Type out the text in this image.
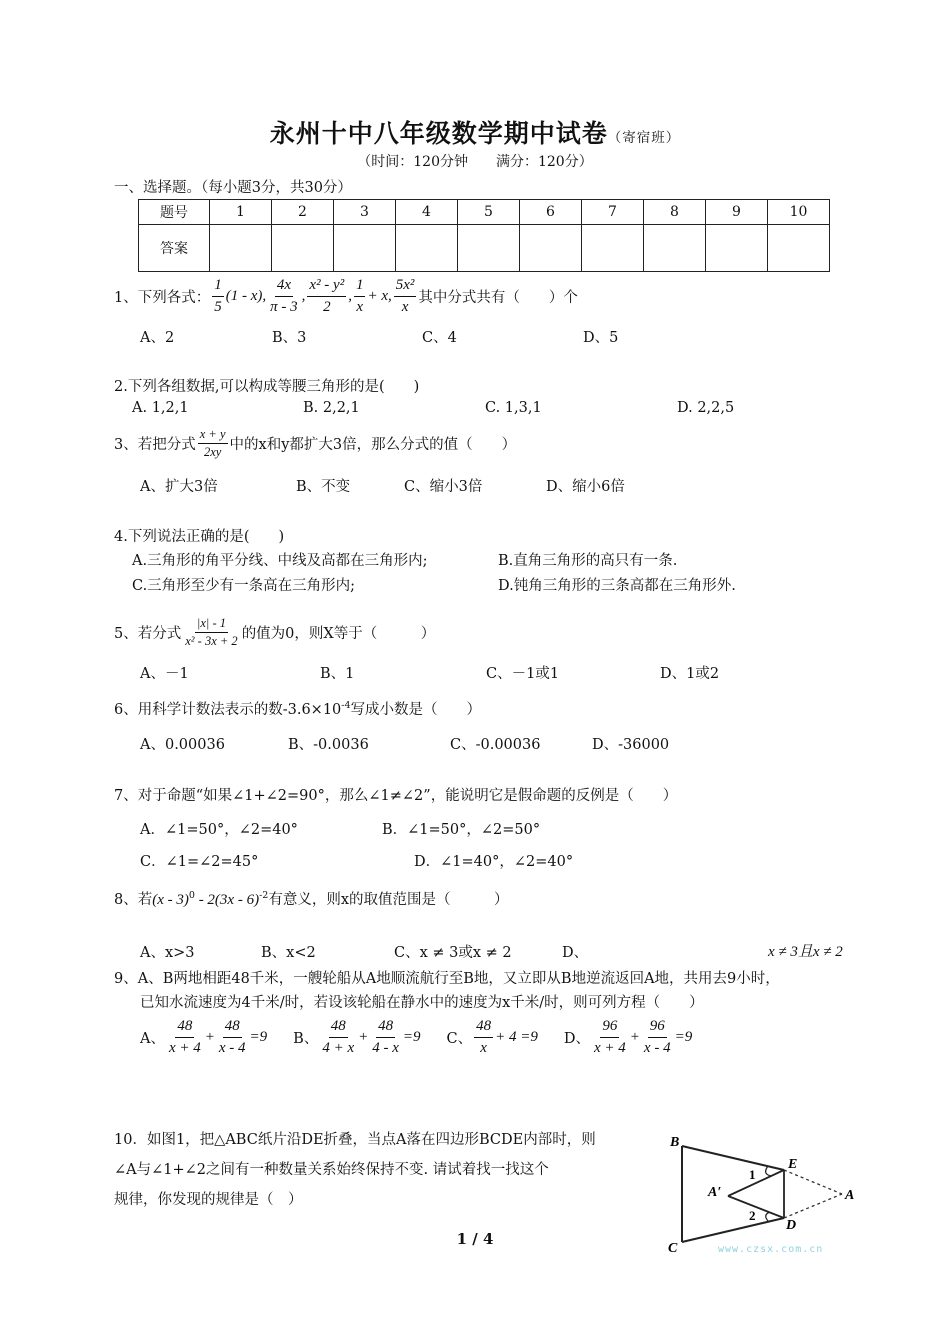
永州十中八年级数学期中试卷（寄宿班）
（时间：120分钟　　满分：120分）
一、选择题。（每小题3分，共30分）
题号	1	2	3	4	5	6	7	8	9	10
答案										
1、下列各式： $\frac{1}{5} (1 - x)$, $\frac{4x}{\pi - 3}$ , $\frac{\text{x² - y²}}{2}$ , $\frac{1}{x} + x$, $\frac{\text{5x²}}{x}$ 其中分式共有（　　）个
A、2	B、3	C、4	D、5
2.下列各组数据,可以构成等腰三角形的是(　　)
A. 1,2,1	B. 2,2,1	C. 1,3,1	D. 2,2,5
3、若把分式 $\frac{x + y}{2xy}$ 中的x和y都扩大3倍，那么分式的值（　　）
A、扩大3倍	B、不变	C、缩小3倍	D、缩小6倍
4.下列说法正确的是(　　)
A.三角形的角平分线、中线及高都在三角形内;	B.直角三角形的高只有一条.
C.三角形至少有一条高在三角形内;	D.钝角三角形的三条高都在三角形外.
5、若分式 $\frac{|x| - 1}{\text{x² - 3x + 2}}$ 的值为0，则X等于（　　　）
A、－1	B、1	C、－1或1	D、1或2
6、用科学计数法表示的数$-3.6\times 10^{-4}$写成小数是（　　）
A、0.00036	B、-0.0036	C、-0.00036	D、-36000
7、对于命题“如果∠1+∠2=90°，那么∠1≠∠2”，能说明它是假命题的反例是（　　）
A．∠1=50°，∠2=40°	B．∠1=50°，∠2=50°
C．∠1=∠2=45°	D．∠1=40°，∠2=40°
8、若(x - 3)$^0$ - 2(3x - 6)$^{-2}$有意义，则x的取值范围是（　　　）
A、x>3	B、x<2	C、x ≠ 3或x ≠ 2	D、	x ≠ 3且x ≠ 2
9、A、B两地相距48千米，一艘轮船从A地顺流航行至B地，又立即从B地逆流返回A地，共用去9小时，
已知水流速度为4千米/时，若设该轮船在静水中的速度为x千米/时，则可列方程（　　）
A、 $\frac{48}{x + 4} + \frac{48}{x - 4} =9$ B、 $\frac{48}{4 + x} + \frac{48}{4 - x} =9$ C、 $\frac{48}{x} + 4 =9$ D、 $\frac{96}{x + 4} + \frac{96}{x - 4} =9$
10．如图1，把△ABC纸片沿DE折叠，当点A落在四边形BCDE内部时，则
∠A与∠1+∠2之间有一种数量关系始终保持不变. 请试着找一找这个
规律，你发现的规律是（　）
B
C
E
D
A
A′
1
2
www.czsx.com.cn
1 / 4
